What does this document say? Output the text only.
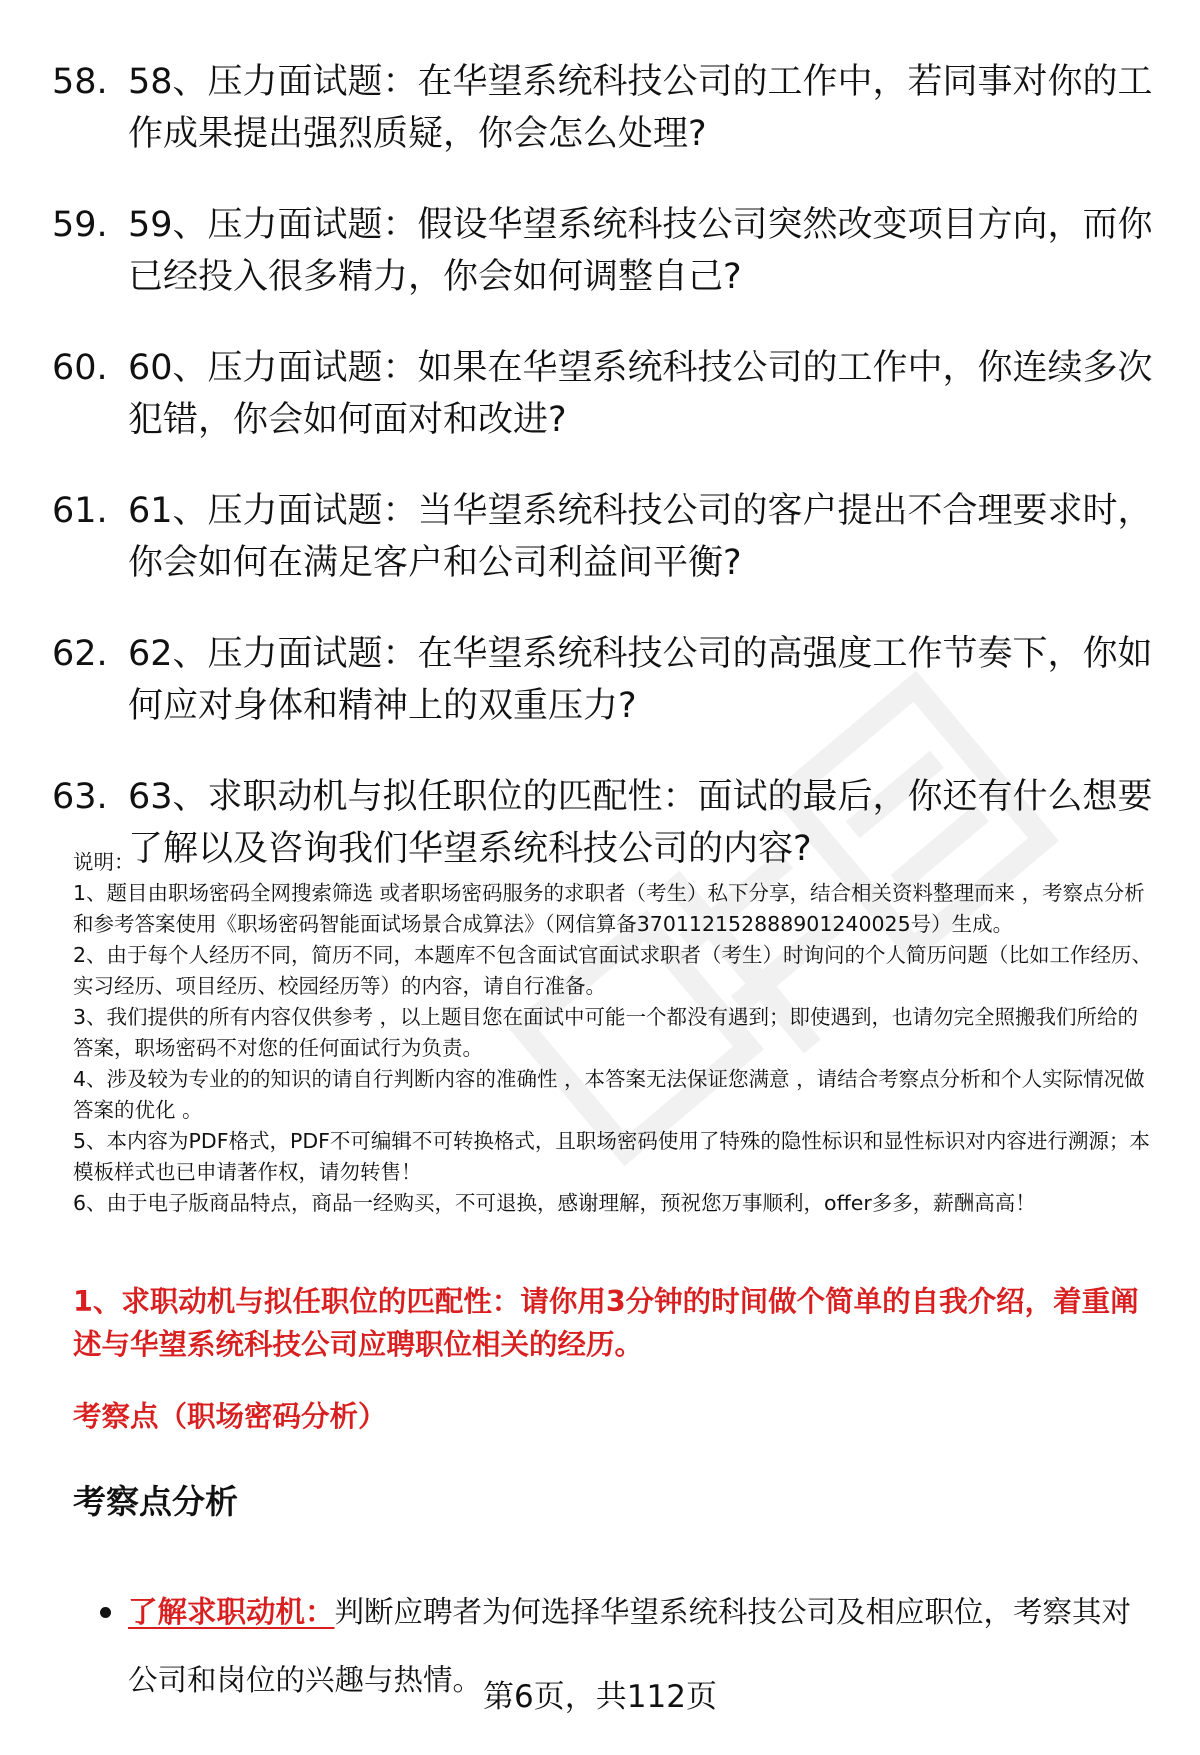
58. 58、压力面试题：在华望系统科技公司的工作中，若同事对你的工作成果提出强烈质疑，你会怎么处理?
59. 59、压力面试题：假设华望系统科技公司突然改变项目方向，而你已经投入很多精力，你会如何调整自己?
60. 60、压力面试题：如果在华望系统科技公司的工作中，你连续多次犯错，你会如何面对和改进?
61. 61、压力面试题：当华望系统科技公司的客户提出不合理要求时，你会如何在满足客户和公司利益间平衡?
62. 62、压力面试题：在华望系统科技公司的高强度工作节奏下，你如何应对身体和精神上的双重压力?
63. 63、求职动机与拟任职位的匹配性：面试的最后，你还有什么想要了解以及咨询我们华望系统科技公司的内容?

说明：

1、题目由职场密码全网搜索筛选 或者职场密码服务的求职者（考生）私下分享，结合相关资料整理而来 ，考察点分析和参考答案使用《职场密码智能面试场景合成算法》（网信算备370112152888901240025号）生成。

2、由于每个人经历不同，简历不同，本题库不包含面试官面试求职者（考生）时询问的个人简历问题（比如工作经历、实习经历、项目经历、校园经历等）的内容，请自行准备。

3、我们提供的所有内容仅供参考 ，以上题目您在面试中可能一个都没有遇到；即使遇到，也请勿完全照搬我们所给的答案，职场密码不对您的任何面试行为负责。

4、涉及较为专业的的知识的请自行判断内容的准确性 ，本答案无法保证您满意 ，请结合考察点分析和个人实际情况做答案的优化 。

5、本内容为PDF格式，PDF不可编辑不可转换格式，且职场密码使用了特殊的隐性标识和显性标识对内容进行溯源；本模板样式也已申请著作权，请勿转售！

6、由于电子版商品特点，商品一经购买，不可退换，感谢理解，预祝您万事顺利，offer多多，薪酬高高！

1、求职动机与拟任职位的匹配性：请你用3分钟的时间做个简单的自我介绍，着重阐述与华望系统科技公司应聘职位相关的经历。

考察点（职场密码分析）

考察点分析
了解求职动机：判断应聘者为何选择华望系统科技公司及相应职位，考察其对公司和岗位的兴趣与热情。 第6页，共112页
